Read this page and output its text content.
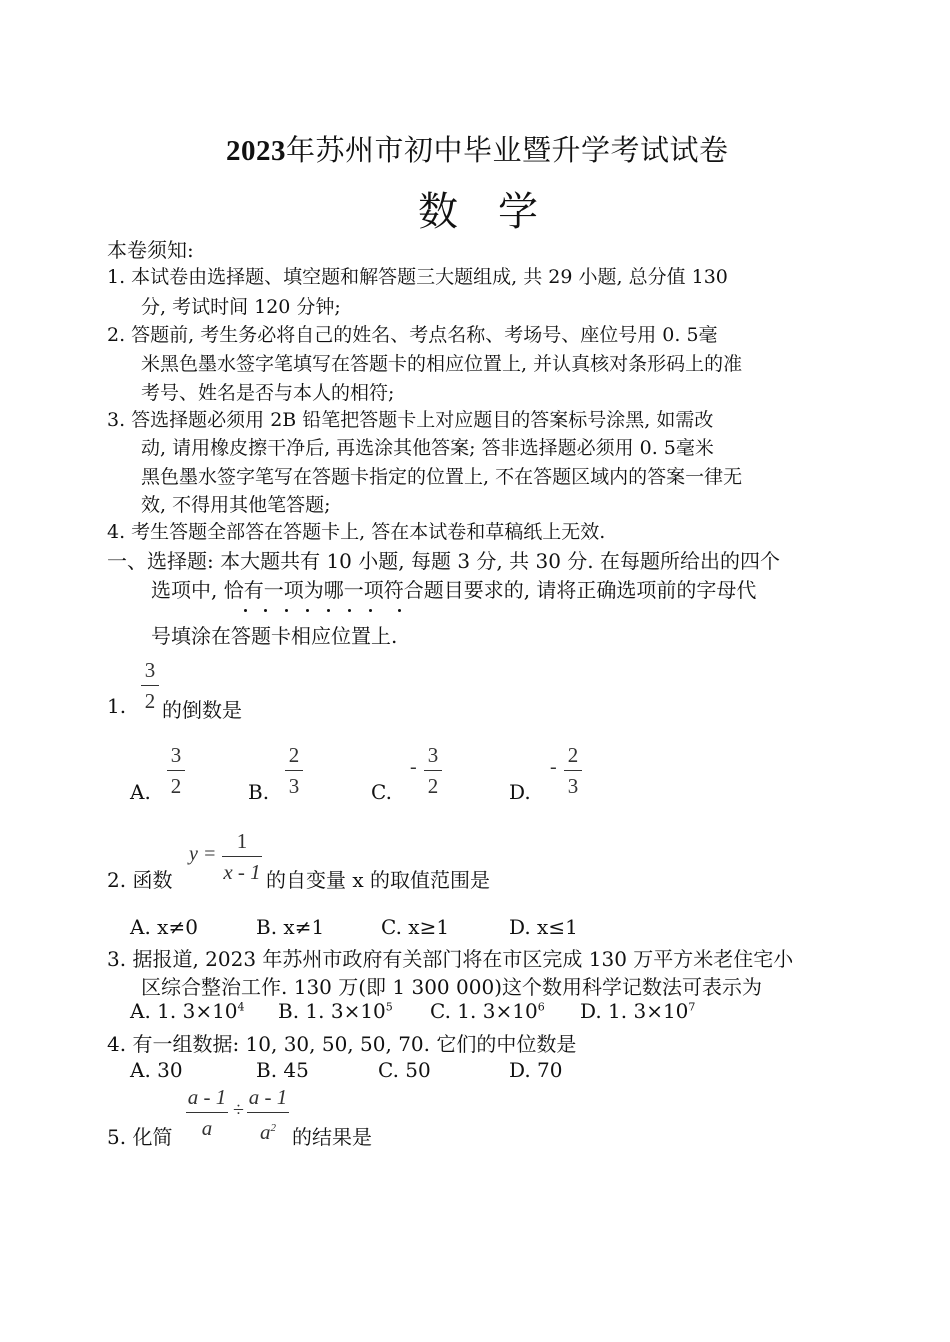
2023年苏州市初中毕业暨升学考试试卷
数学
本卷须知:
1. 本试卷由选择题、填空题和解答题三大题组成, 共 29 小题, 总分值 130
分, 考试时间 120 分钟;
2. 答题前, 考生务必将自己的姓名、考点名称、考场号、座位号用 0. 5毫
米黑色墨水签字笔填写在答题卡的相应位置上, 并认真核对条形码上的准
考号、姓名是否与本人的相符;
3. 答选择题必须用 2B 铅笔把答题卡上对应题目的答案标号涂黑, 如需改
动, 请用橡皮擦干净后, 再选涂其他答案; 答非选择题必须用 0. 5毫米
黑色墨水签字笔写在答题卡指定的位置上, 不在答题区域内的答案一律无
效, 不得用其他笔答题;
4. 考生答题全部答在答题卡上, 答在本试卷和草稿纸上无效.
一、选择题: 本大题共有 10 小题, 每题 3 分, 共 30 分. 在每题所给出的四个
选项中, 恰有一项为哪一项符合题目要求的, 请将正确选项前的字母代
号填涂在答题卡相应位置上.
3
2
1. 的倒数是
A.
3
2	B.
2
3	C.
- 3
2	D.
- 2
3
2. 函数
y =
1
x - 1 的自变量 x 的取值范围是
A. x≠0	B. x≠1	C. x≥1	D. x≤1
3. 据报道, 2023 年苏州市政府有关部门将在市区完成 130 万平方米老住宅小
区综合整治工作. 130 万(即 1 300 000)这个数用科学记数法可表示为
A. 1. $3\times 10^4$ B. 1. $3\times 10^5$ C. 1. $3\times 10^6$ D. 1. $3\times 10^7$
4. 有一组数据: 10, 30, 50, 50, 70. 它们的中位数是
A. 30	B. 45	C. 50	D. 70
5. 化简
a - 1
a
÷
a - 1
$a^2$ 的结果是
